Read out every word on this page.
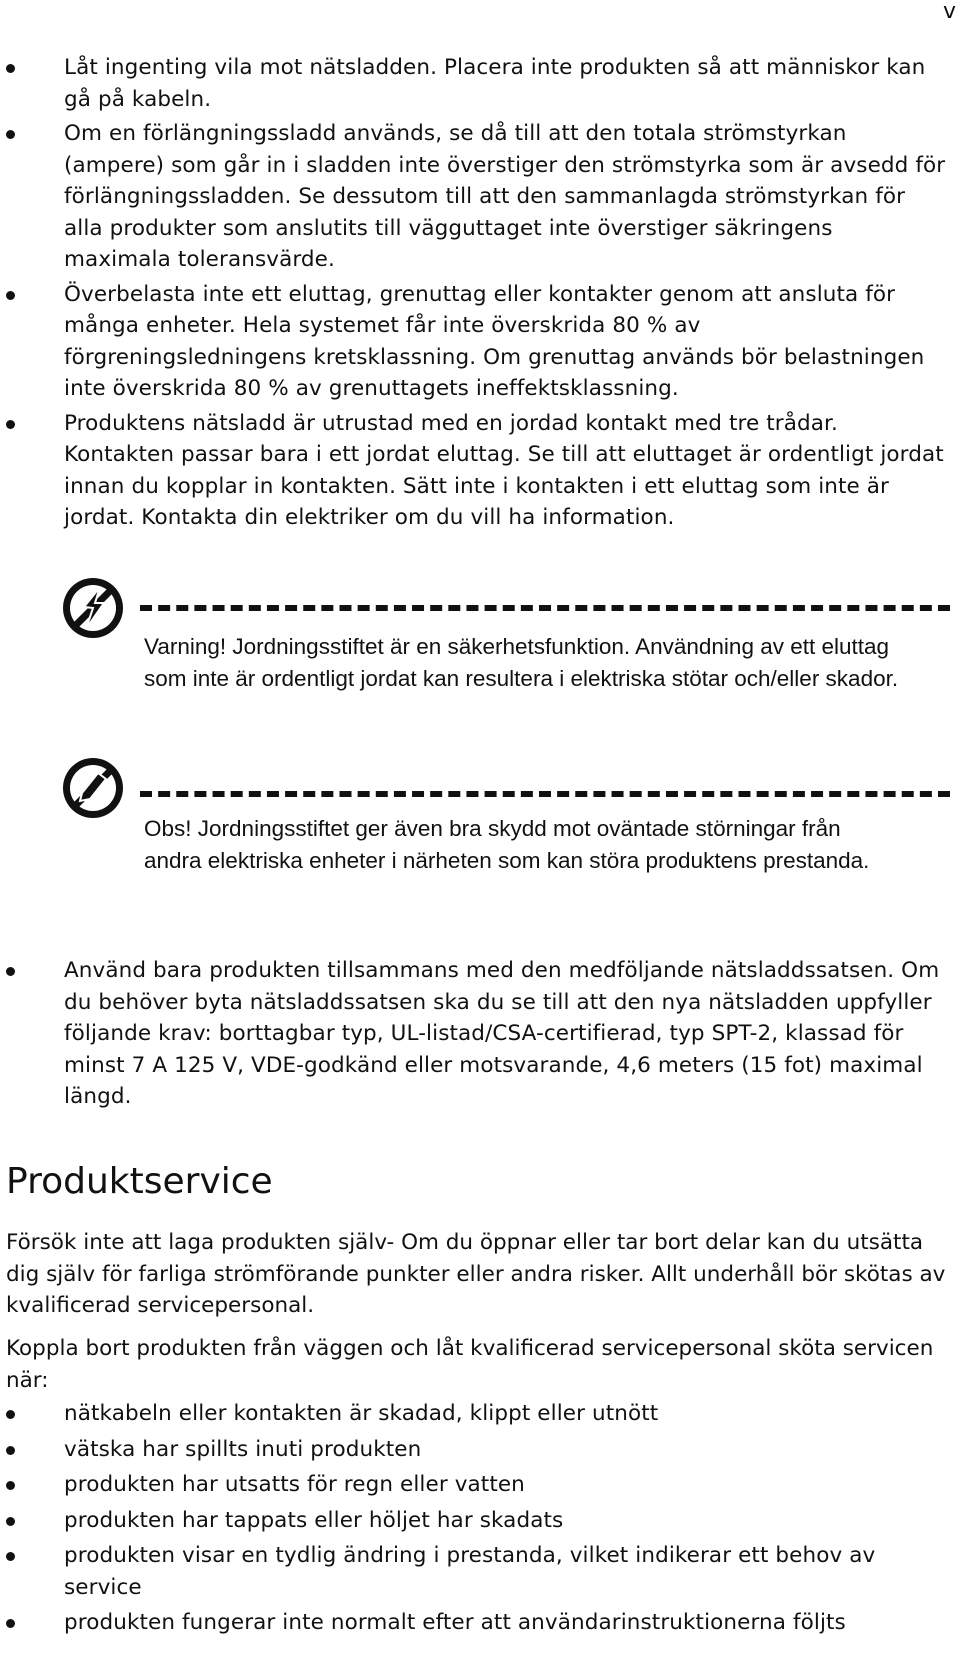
v
Låt ingenting vila mot nätsladden. Placera inte produkten så att människor kan gå på kabeln.
Om en förlängningssladd används, se då till att den totala strömstyrkan (ampere) som går in i sladden inte överstiger den strömstyrka som är avsedd för förlängningssladden. Se dessutom till att den sammanlagda strömstyrkan för alla produkter som anslutits till vägguttaget inte överstiger säkringens maximala toleransvärde.
Överbelasta inte ett eluttag, grenuttag eller kontakter genom att ansluta för många enheter. Hela systemet får inte överskrida 80 % av förgreningsledningens kretsklassning. Om grenuttag används bör belastningen inte överskrida 80 % av grenuttagets ineffektsklassning.
Produktens nätsladd är utrustad med en jordad kontakt med tre trådar. Kontakten passar bara i ett jordat eluttag. Se till att eluttaget är ordentligt jordat innan du kopplar in kontakten. Sätt inte i kontakten i ett eluttag som inte är jordat. Kontakta din elektriker om du vill ha information.
Varning! Jordningsstiftet är en säkerhetsfunktion. Användning av ett eluttag som inte är ordentligt jordat kan resultera i elektriska stötar och/eller skador.
Obs! Jordningsstiftet ger även bra skydd mot oväntade störningar från andra elektriska enheter i närheten som kan störa produktens prestanda.
Använd bara produkten tillsammans med den medföljande nätsladdssatsen. Om du behöver byta nätsladdssatsen ska du se till att den nya nätsladden uppfyller följande krav: borttagbar typ, UL-listad/CSA-certifierad, typ SPT-2, klassad för minst 7 A 125 V, VDE-godkänd eller motsvarande, 4,6 meters (15 fot) maximal längd.
Produktservice

Försök inte att laga produkten själv- Om du öppnar eller tar bort delar kan du utsätta dig själv för farliga strömförande punkter eller andra risker. Allt underhåll bör skötas av kvalificerad servicepersonal.

Koppla bort produkten från väggen och låt kvalificerad servicepersonal sköta servicen när:

nätkabeln eller kontakten är skadad, klippt eller utnött
vätska har spillts inuti produkten
produkten har utsatts för regn eller vatten
produkten har tappats eller höljet har skadats
produkten visar en tydlig ändring i prestanda, vilket indikerar ett behov av service
produkten fungerar inte normalt efter att användarinstruktionerna följts
